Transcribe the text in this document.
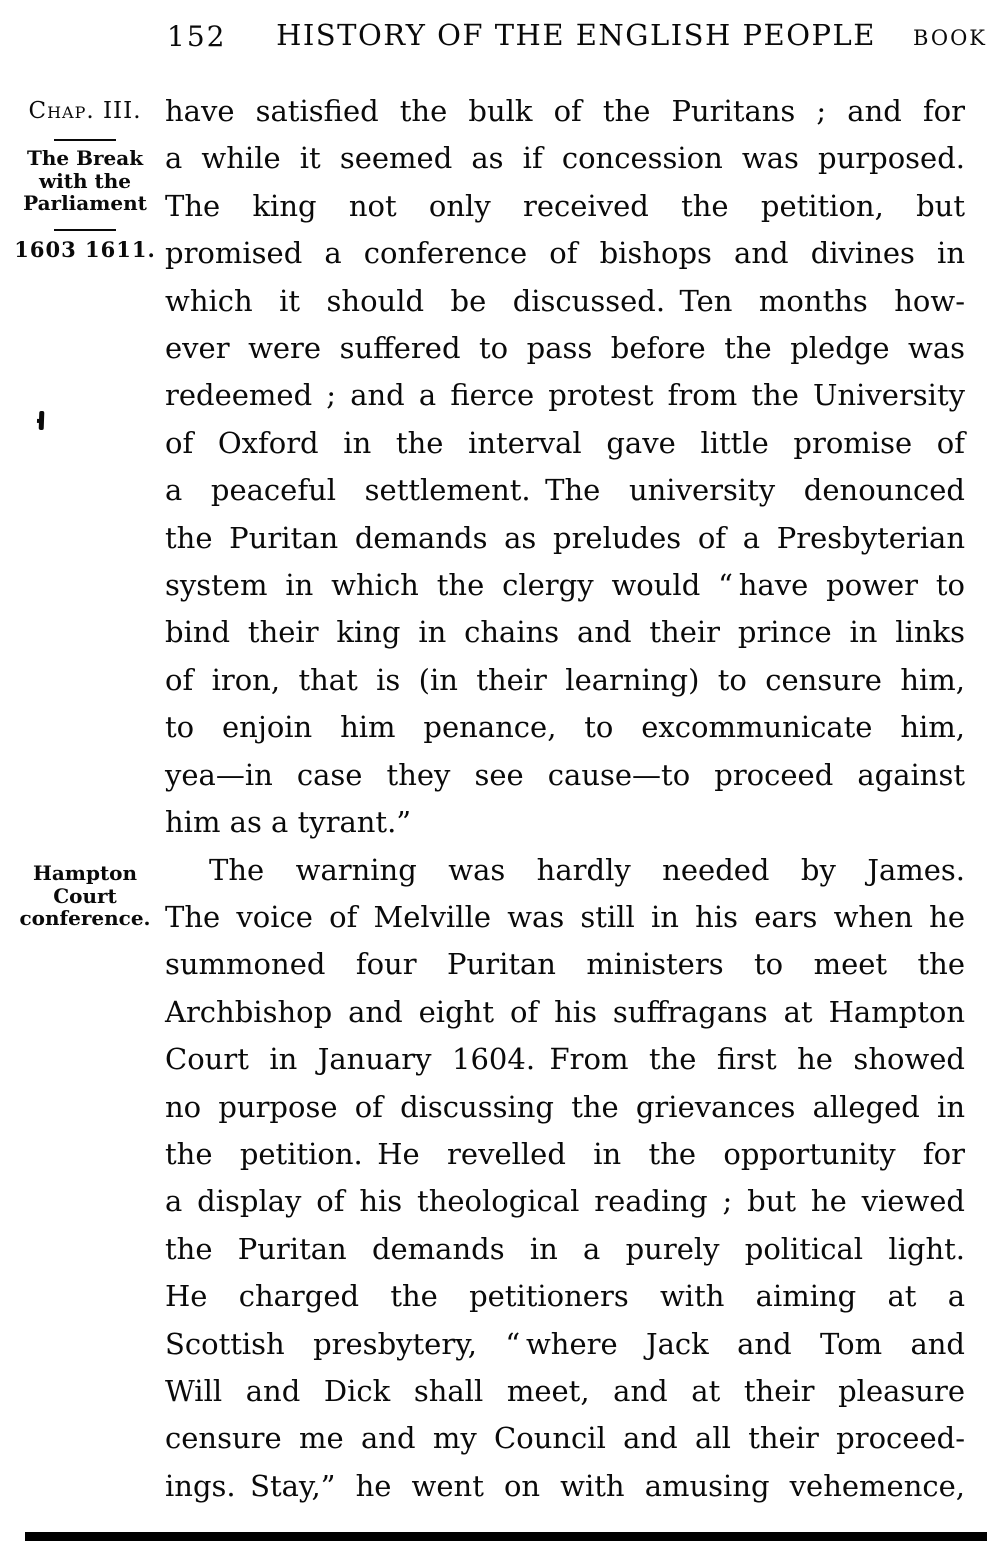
152	HISTORY OF THE ENGLISH PEOPLE	BOOK
Chap. III.
The Break
with the
Parliament
1603 1611.
Hampton
Court
conference.
have satisfied the bulk of the Puritans ; and for
a while it seemed as if concession was purposed.
The king not only received the petition, but
promised a conference of bishops and divines in
which it should be discussed. Ten months how-
ever were suffered to pass before the pledge was
redeemed ; and a fierce protest from the University
of Oxford in the interval gave little promise of
a peaceful settlement. The university denounced
the Puritan demands as preludes of a Presbyterian
system in which the clergy would “ have power to
bind their king in chains and their prince in links
of iron, that is (in their learning) to censure him,
to enjoin him penance, to excommunicate him,
yea—in case they see cause—to proceed against
him as a tyrant.”
The warning was hardly needed by James.
The voice of Melville was still in his ears when he
summoned four Puritan ministers to meet the
Archbishop and eight of his suffragans at Hampton
Court in January 1604. From the first he showed
no purpose of discussing the grievances alleged in
the petition. He revelled in the opportunity for
a display of his theological reading ; but he viewed
the Puritan demands in a purely political light.
He charged the petitioners with aiming at a
Scottish presbytery, “ where Jack and Tom and
Will and Dick shall meet, and at their pleasure
censure me and my Council and all their proceed-
ings. Stay,” he went on with amusing vehemence,
